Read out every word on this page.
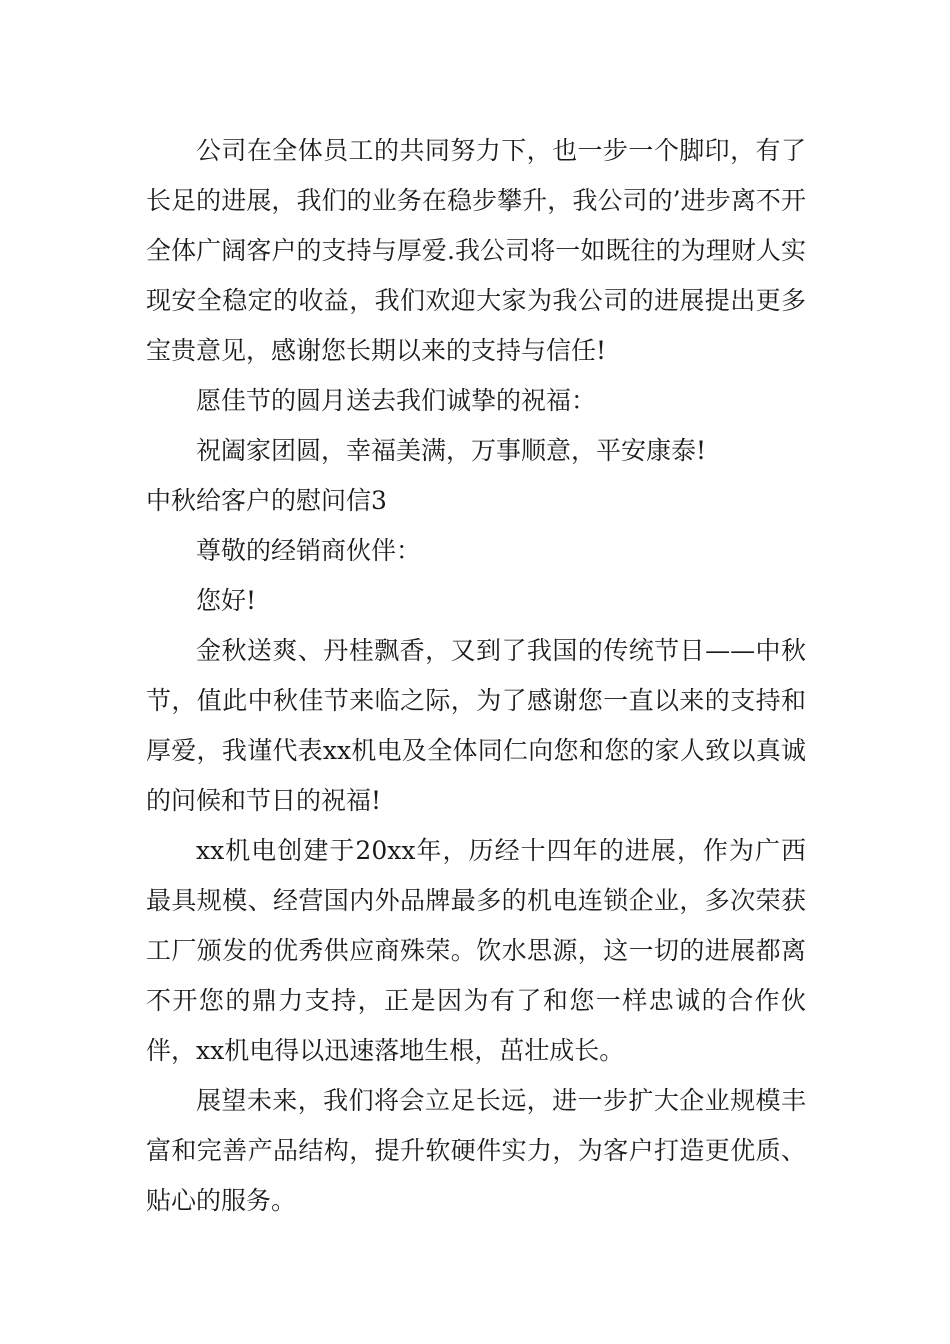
公司在全体员工的共同努力下，也一步一个脚印，有了长足的进展，我们的业务在稳步攀升，我公司的’进步离不开全体广阔客户的支持与厚爱.我公司将一如既往的为理财人实现安全稳定的收益，我们欢迎大家为我公司的进展提出更多宝贵意见，感谢您长期以来的支持与信任!

愿佳节的圆月送去我们诚挚的祝福：

祝阖家团圆，幸福美满，万事顺意，平安康泰!

中秋给客户的慰问信3

尊敬的经销商伙伴：

您好!

金秋送爽、丹桂飘香，又到了我国的传统节日——中秋节，值此中秋佳节来临之际，为了感谢您一直以来的支持和厚爱，我谨代表xx机电及全体同仁向您和您的家人致以真诚的问候和节日的祝福!

xx机电创建于20xx年，历经十四年的进展，作为广西最具规模、经营国内外品牌最多的机电连锁企业，多次荣获工厂颁发的优秀供应商殊荣。饮水思源，这一切的进展都离不开您的鼎力支持，正是因为有了和您一样忠诚的合作伙伴，xx机电得以迅速落地生根，茁壮成长。

展望未来，我们将会立足长远，进一步扩大企业规模丰富和完善产品结构，提升软硬件实力，为客户打造更优质、贴心的服务。
